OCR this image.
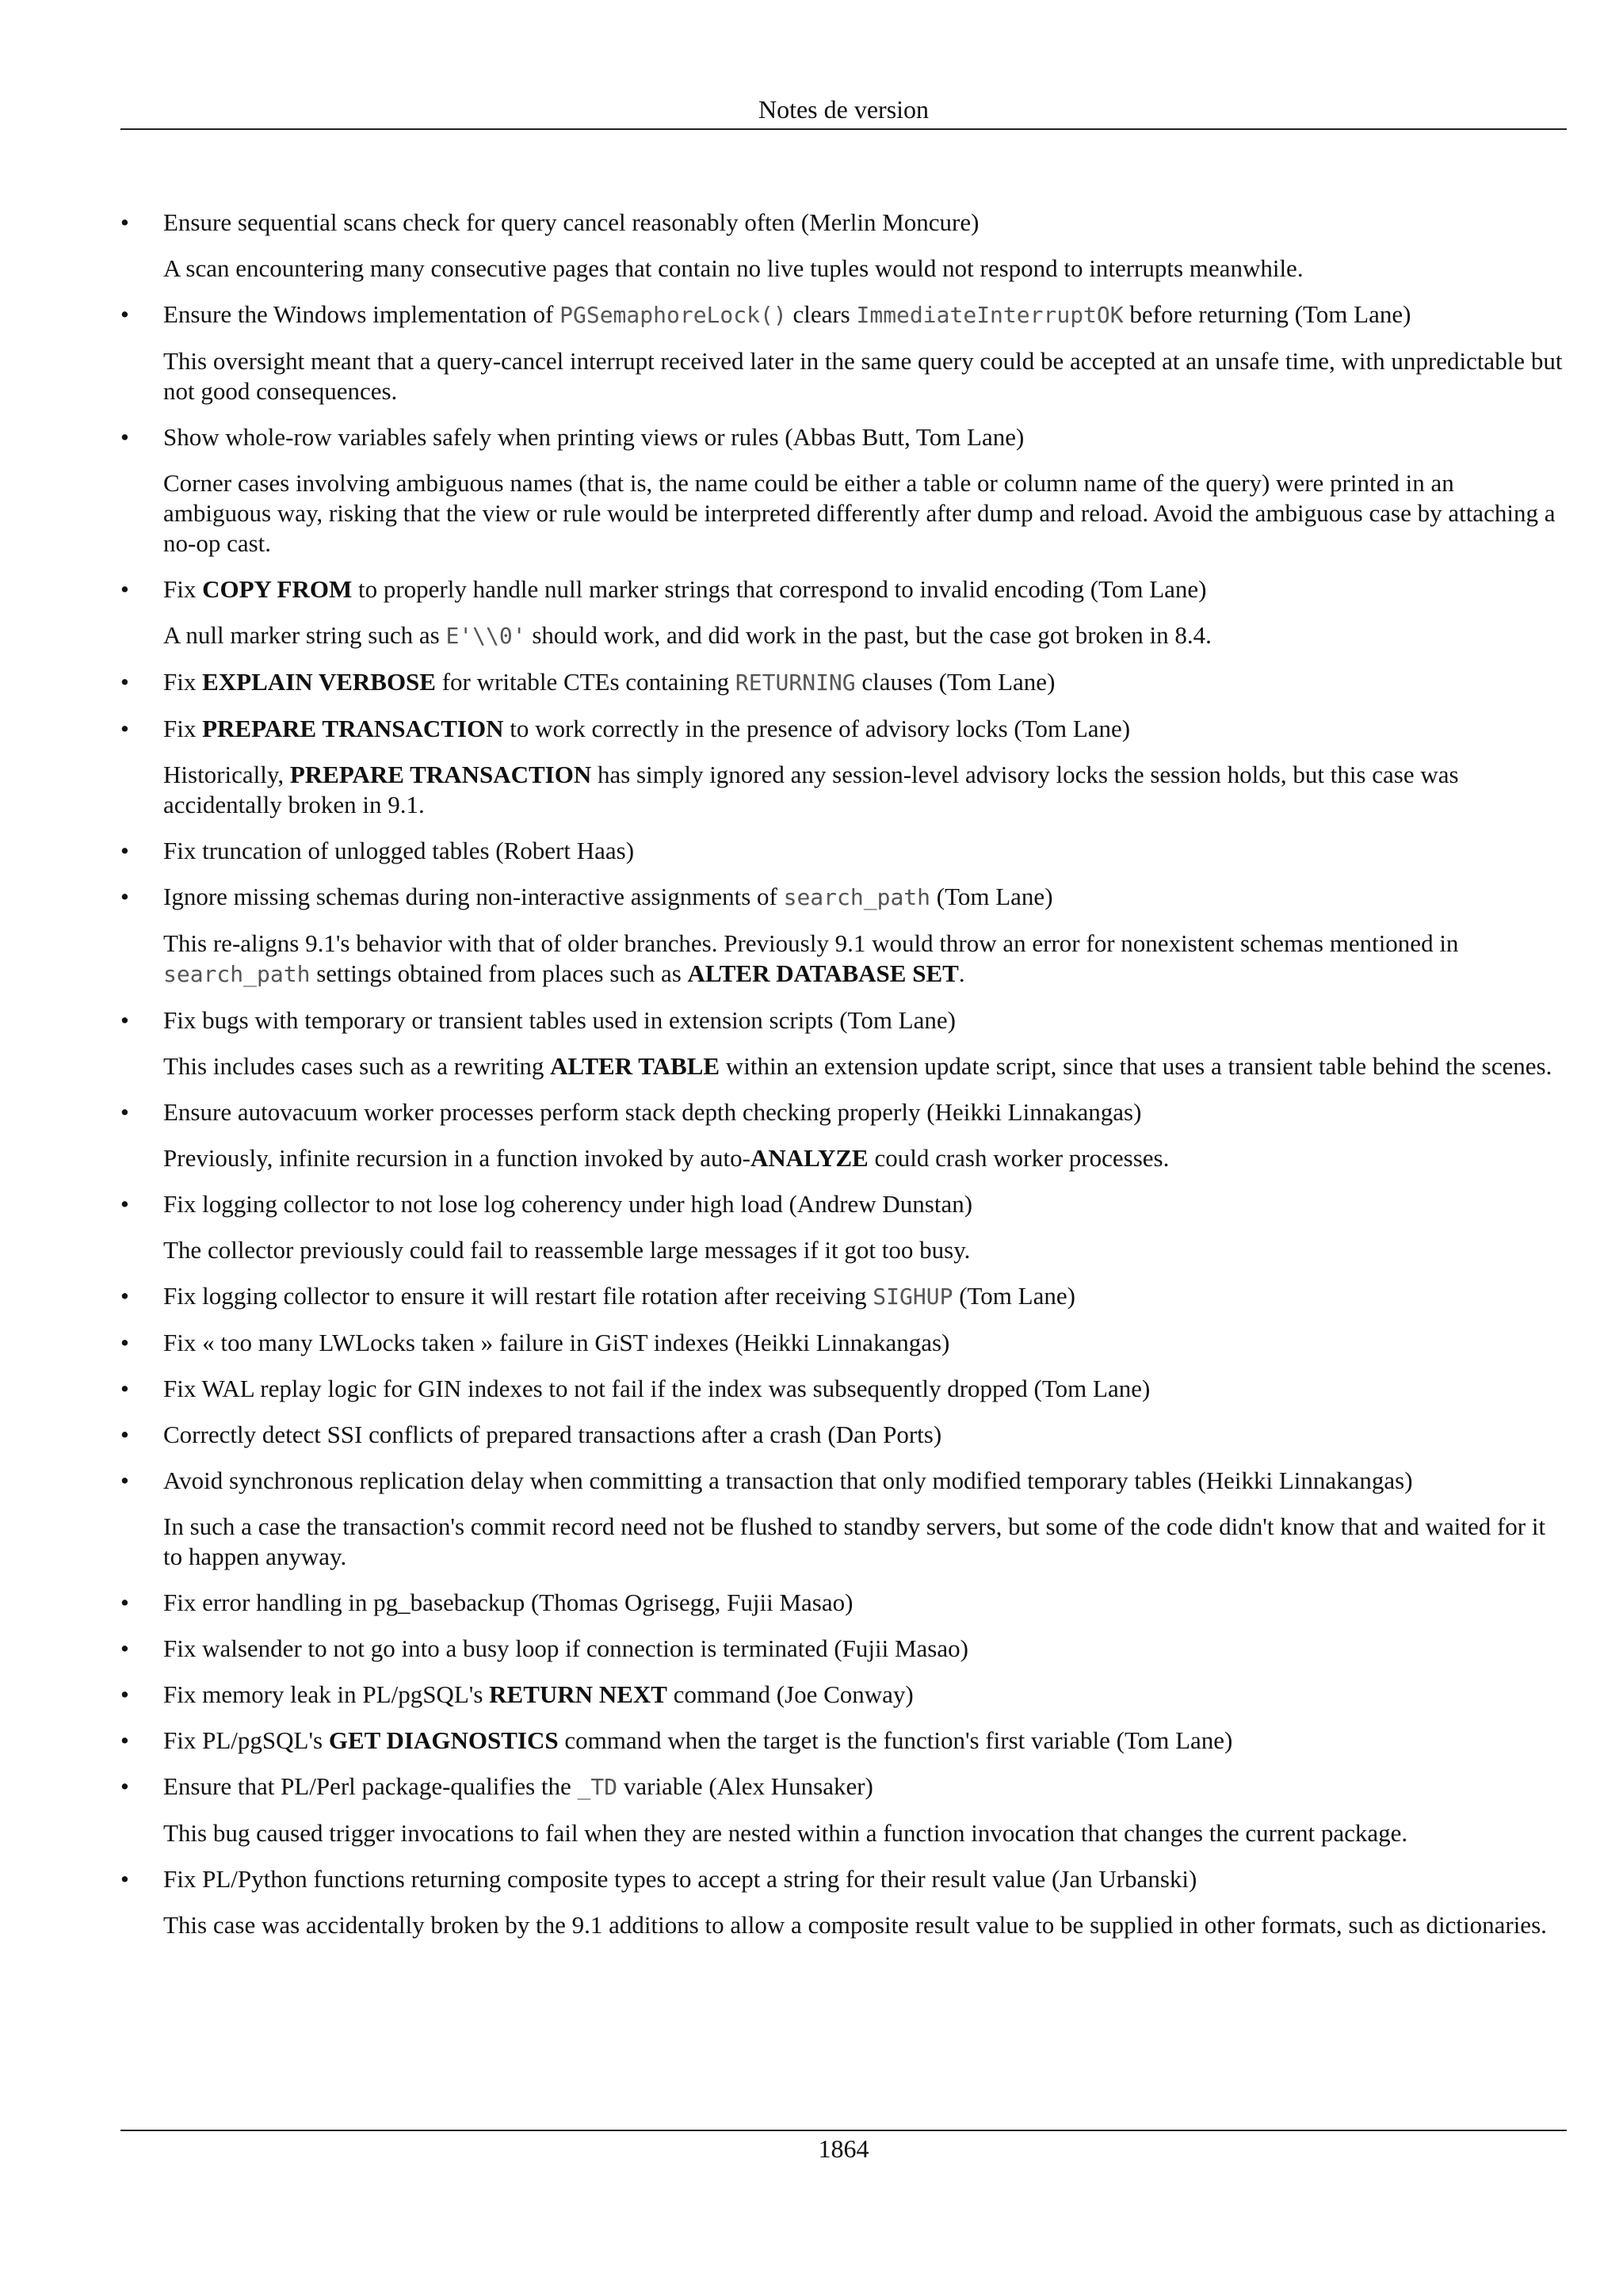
Notes de version
•	Ensure sequential scans check for query cancel reasonably often (Merlin Moncure)

A scan encountering many consecutive pages that contain no live tuples would not respond to interrupts meanwhile.

•	Ensure the Windows implementation of PGSemaphoreLock() clears ImmediateInterruptOK before returning (Tom Lane)

This oversight meant that a query-cancel interrupt received later in the same query could be accepted at an unsafe time, with unpredictable but not good consequences.

•	Show whole-row variables safely when printing views or rules (Abbas Butt, Tom Lane)

Corner cases involving ambiguous names (that is, the name could be either a table or column name of the query) were printed in an ambiguous way, risking that the view or rule would be interpreted differently after dump and reload. Avoid the ambiguous case by attaching a no-op cast.

•	Fix COPY FROM to properly handle null marker strings that correspond to invalid encoding (Tom Lane)

A null marker string such as E'\\0' should work, and did work in the past, but the case got broken in 8.4.

•	Fix EXPLAIN VERBOSE for writable CTEs containing RETURNING clauses (Tom Lane)

•	Fix PREPARE TRANSACTION to work correctly in the presence of advisory locks (Tom Lane)

Historically, PREPARE TRANSACTION has simply ignored any session-level advisory locks the session holds, but this case was accidentally broken in 9.1.

•	Fix truncation of unlogged tables (Robert Haas)

•	Ignore missing schemas during non-interactive assignments of search_path (Tom Lane)

This re-aligns 9.1's behavior with that of older branches. Previously 9.1 would throw an error for nonexistent schemas mentioned in search_path settings obtained from places such as ALTER DATABASE SET.

•	Fix bugs with temporary or transient tables used in extension scripts (Tom Lane)

This includes cases such as a rewriting ALTER TABLE within an extension update script, since that uses a transient table behind the scenes.

•	Ensure autovacuum worker processes perform stack depth checking properly (Heikki Linnakangas)

Previously, infinite recursion in a function invoked by auto-ANALYZE could crash worker processes.

•	Fix logging collector to not lose log coherency under high load (Andrew Dunstan)

The collector previously could fail to reassemble large messages if it got too busy.

•	Fix logging collector to ensure it will restart file rotation after receiving SIGHUP (Tom Lane)

•	Fix « too many LWLocks taken » failure in GiST indexes (Heikki Linnakangas)

•	Fix WAL replay logic for GIN indexes to not fail if the index was subsequently dropped (Tom Lane)

•	Correctly detect SSI conflicts of prepared transactions after a crash (Dan Ports)

•	Avoid synchronous replication delay when committing a transaction that only modified temporary tables (Heikki Linnakangas)

In such a case the transaction's commit record need not be flushed to standby servers, but some of the code didn't know that and waited for it to happen anyway.

•	Fix error handling in pg_basebackup (Thomas Ogrisegg, Fujii Masao)

•	Fix walsender to not go into a busy loop if connection is terminated (Fujii Masao)

•	Fix memory leak in PL/pgSQL's RETURN NEXT command (Joe Conway)

•	Fix PL/pgSQL's GET DIAGNOSTICS command when the target is the function's first variable (Tom Lane)

•	Ensure that PL/Perl package-qualifies the _TD variable (Alex Hunsaker)

This bug caused trigger invocations to fail when they are nested within a function invocation that changes the current package.

•	Fix PL/Python functions returning composite types to accept a string for their result value (Jan Urbanski)

This case was accidentally broken by the 9.1 additions to allow a composite result value to be supplied in other formats, such as dictionaries.

1864
